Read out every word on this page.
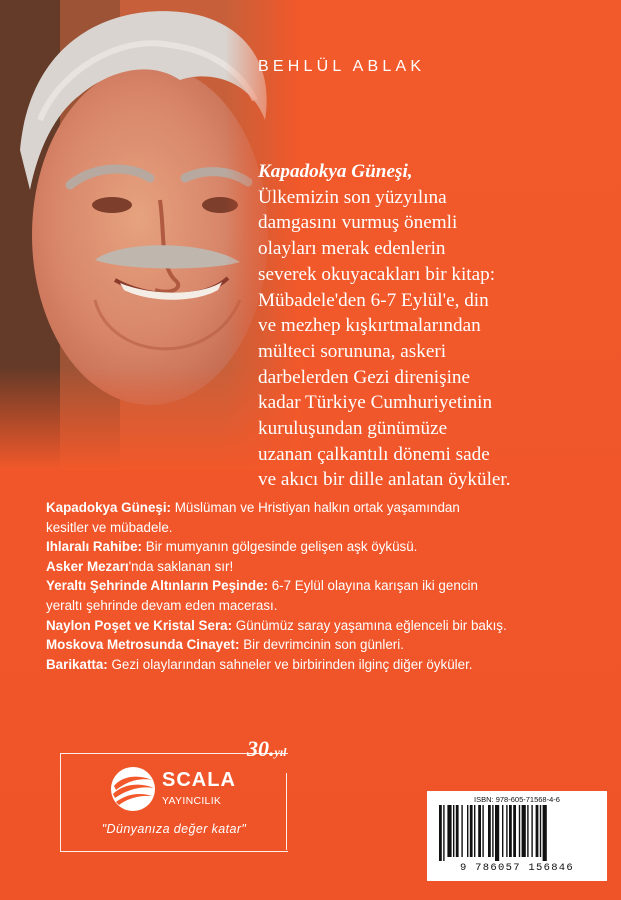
BEHLÜL ABLAK
Kapadokya Güneşi,
Ülkemizin son yüzyılına
damgasını vurmuş önemli
olayları merak edenlerin
severek okuyacakları bir kitap:
Mübadele'den 6-7 Eylül'e, din
ve mezhep kışkırtmalarından
mülteci sorununa, askeri
darbelerden Gezi direnişine
kadar Türkiye Cumhuriyetinin
kuruluşundan günümüze
uzanan çalkantılı dönemi sade
ve akıcı bir dille anlatan öyküler.
Kapadokya Güneşi: Müslüman ve Hristiyan halkın ortak yaşamından
kesitler ve mübadele.
Ihlaralı Rahibe: Bir mumyanın gölgesinde gelişen aşk öyküsü.
Asker Mezarı'nda saklanan sır!
Yeraltı Şehrinde Altınların Peşinde: 6-7 Eylül olayına karışan iki gencin
yeraltı şehrinde devam eden macerası.
Naylon Poşet ve Kristal Sera: Günümüz saray yaşamına eğlenceli bir bakış.
Moskova Metrosunda Cinayet: Bir devrimcinin son günleri.
Barikatta: Gezi olaylarından sahneler ve birbirinden ilginç diğer öyküler.
30.yıl
SCALA
YAYINCILIK
"Dünyanıza değer katar"
ISBN: 978-605-71568-4-6
9 786057 156846
